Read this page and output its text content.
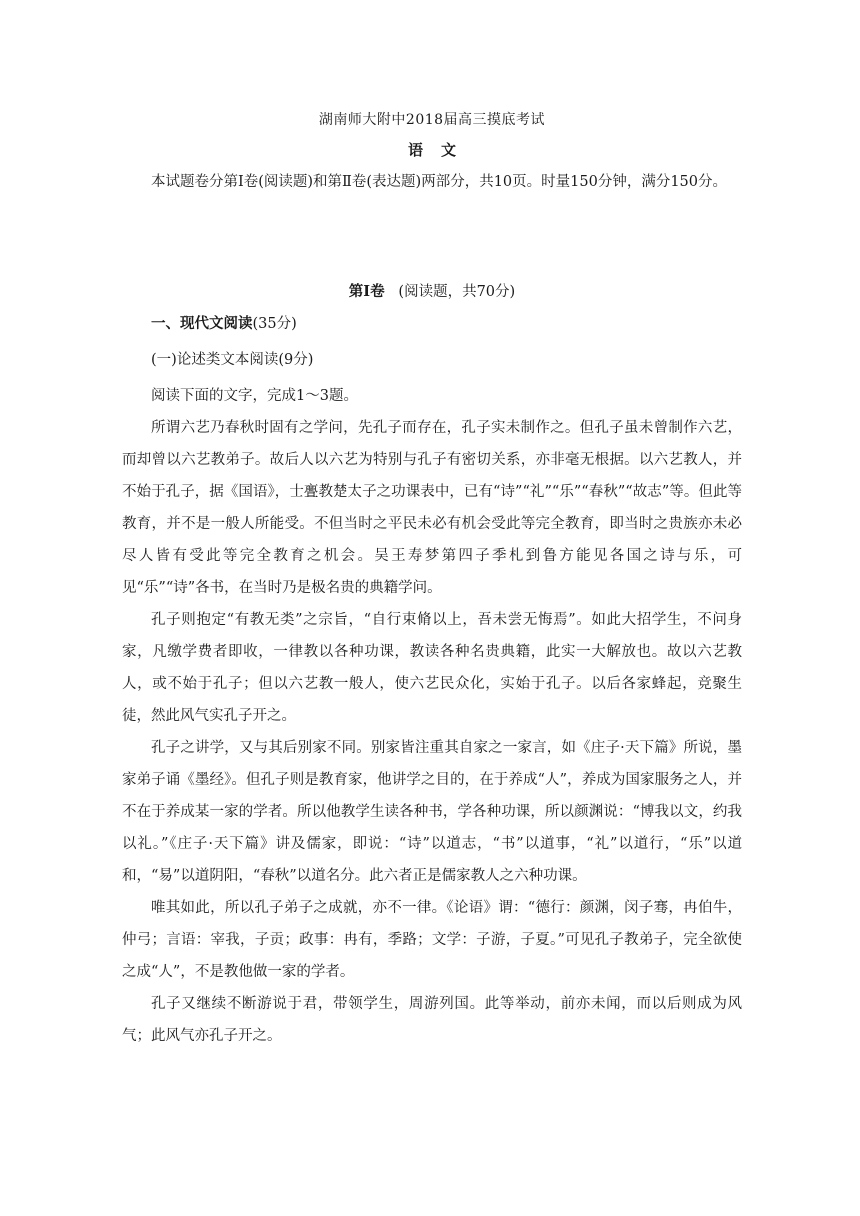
湖南师大附中2018届高三摸底考试

语 文

本试题卷分第Ⅰ卷(阅读题)和第Ⅱ卷(表达题)两部分，共10页。时量150分钟，满分150分。

第Ⅰ卷 (阅读题，共70分)

一、现代文阅读(35分)

(一)论述类文本阅读(9分)

阅读下面的文字，完成1～3题。

所谓六艺乃春秋时固有之学问，先孔子而存在，孔子实未制作之。但孔子虽未曾制作六艺，而却曾以六艺教弟子。故后人以六艺为特别与孔子有密切关系，亦非毫无根据。以六艺教人，并不始于孔子，据《国语》，士亹教楚太子之功课表中，已有“诗”“礼”“乐”“春秋”“故志”等。但此等教育，并不是一般人所能受。不但当时之平民未必有机会受此等完全教育，即当时之贵族亦未必尽人皆有受此等完全教育之机会。吴王寿梦第四子季札到鲁方能见各国之诗与乐，可见“乐”“诗”各书，在当时乃是极名贵的典籍学问。

孔子则抱定“有教无类”之宗旨，“自行束脩以上，吾未尝无悔焉”。如此大招学生，不问身家，凡缴学费者即收，一律教以各种功课，教读各种名贵典籍，此实一大解放也。故以六艺教人，或不始于孔子；但以六艺教一般人，使六艺民众化，实始于孔子。以后各家蜂起，竞聚生徒，然此风气实孔子开之。

孔子之讲学，又与其后别家不同。别家皆注重其自家之一家言，如《庄子·天下篇》所说，墨家弟子诵《墨经》。但孔子则是教育家，他讲学之目的，在于养成“人”，养成为国家服务之人，并不在于养成某一家的学者。所以他教学生读各种书，学各种功课，所以颜渊说：“博我以文，约我以礼。”《庄子·天下篇》讲及儒家，即说：“诗”以道志，“书”以道事，“礼”以道行，“乐”以道和，“易”以道阴阳，“春秋”以道名分。此六者正是儒家教人之六种功课。

唯其如此，所以孔子弟子之成就，亦不一律。《论语》谓：“德行：颜渊，闵子骞，冉伯牛，仲弓；言语：宰我，子贡；政事：冉有，季路；文学：子游，子夏。”可见孔子教弟子，完全欲使之成“人”，不是教他做一家的学者。

孔子又继续不断游说于君，带领学生，周游列国。此等举动，前亦未闻，而以后则成为风气；此风气亦孔子开之。
